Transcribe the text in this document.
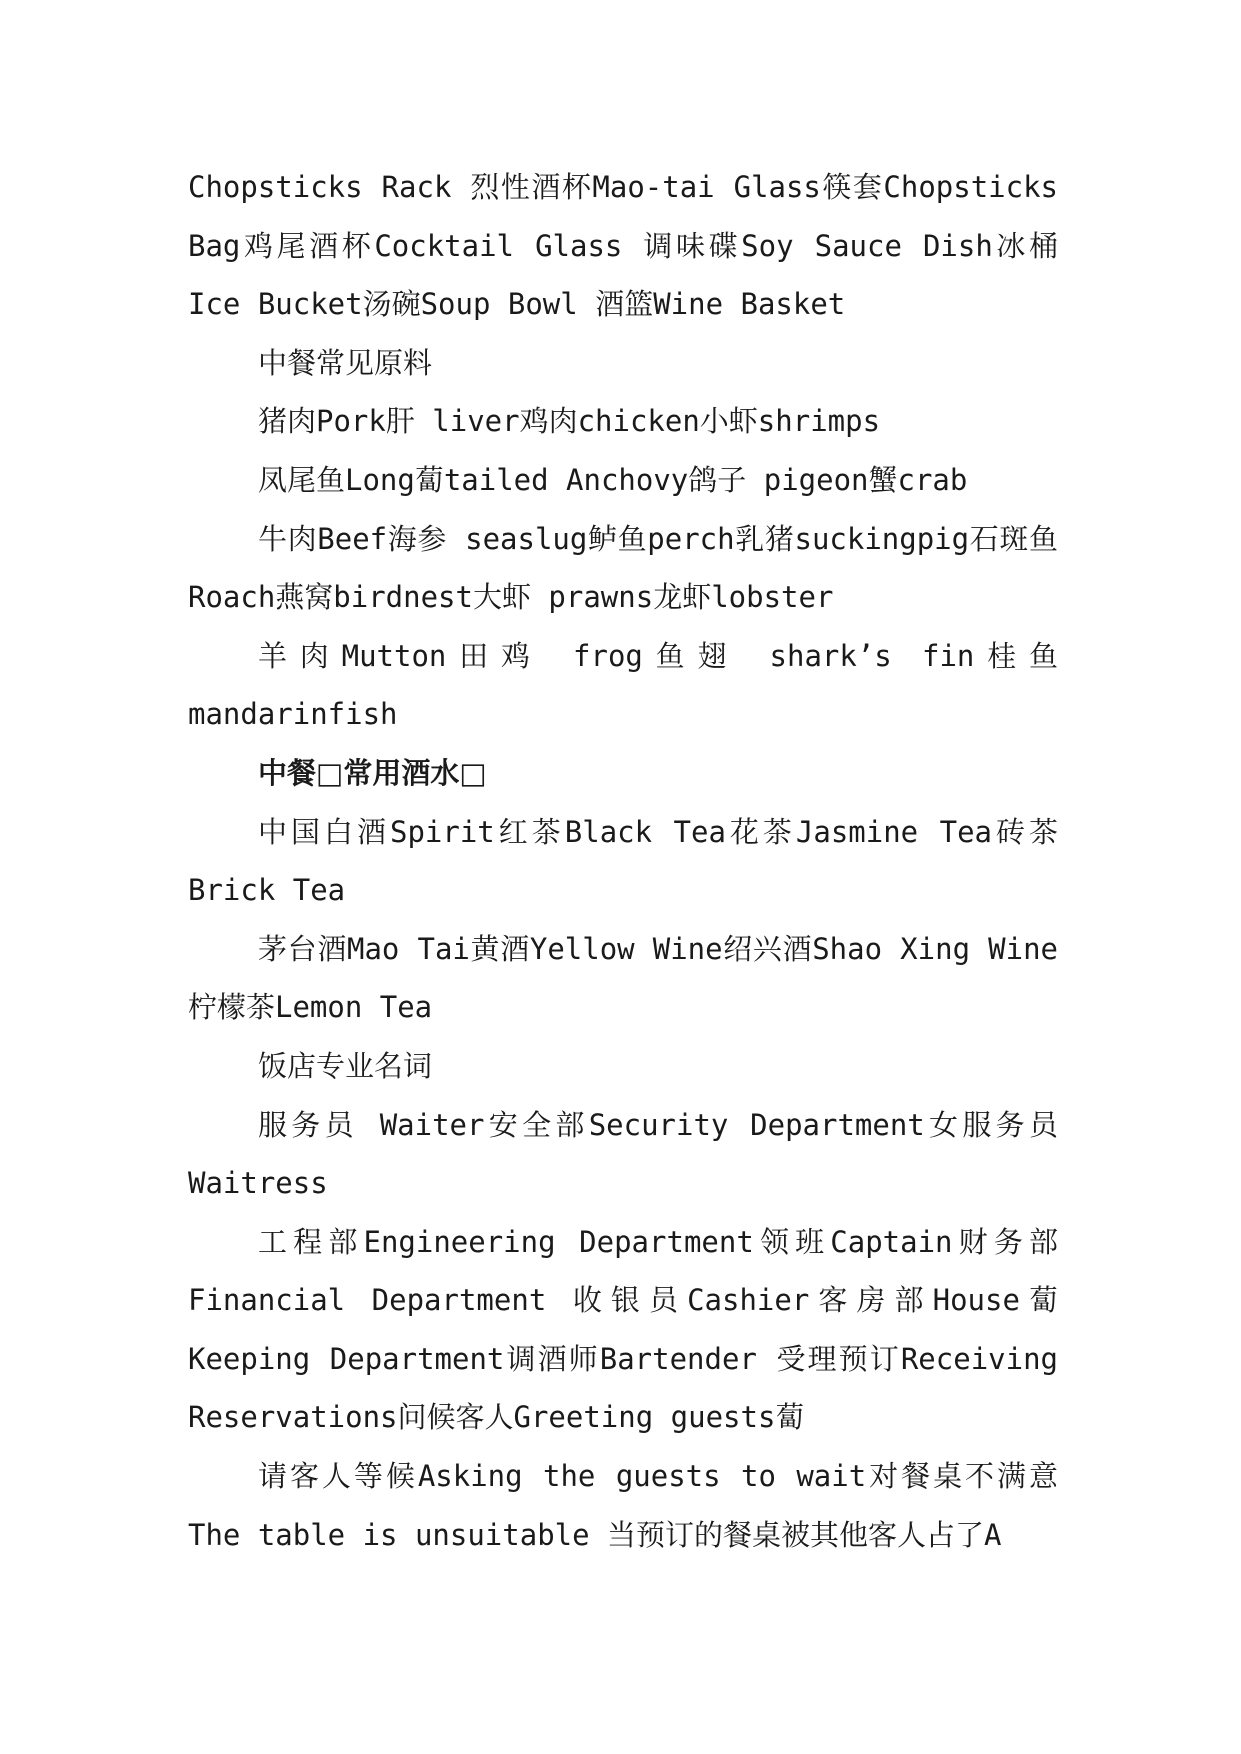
Chopsticks Rack 烈性酒杯Mao-tai Glass筷套Chopsticks Bag鸡尾酒杯Cocktail Glass 调味碟Soy Sauce Dish冰桶Ice Bucket汤碗Soup Bowl 酒篮Wine Basket

中餐常见原料

猪肉Pork肝 liver鸡肉chicken小虾shrimps

凤尾鱼Long蔔tailed Anchovy鸽子 pigeon蟹crab

牛肉Beef海参 seaslug鲈鱼perch乳猪suckingpig石斑鱼Roach燕窝birdnest大虾 prawns龙虾lobster

羊肉Mutton田鸡 frog鱼翅 shark’s fin桂鱼mandarinfish

中餐□常用酒水□

中国白酒Spirit红茶Black Tea花茶Jasmine Tea砖茶Brick Tea

茅台酒Mao Tai黄酒Yellow Wine绍兴酒Shao Xing Wine柠檬茶Lemon Tea

饭店专业名词

服务员 Waiter安全部Security Department女服务员Waitress

工程部Engineering Department领班Captain财务部Financial Department 收银员Cashier客房部House蔔Keeping Department调酒师Bartender 受理预订Receiving Reservations问候客人Greeting guests蔔

请客人等候Asking the guests to wait对餐桌不满意The table is unsuitable 当预订的餐桌被其他客人占了A
